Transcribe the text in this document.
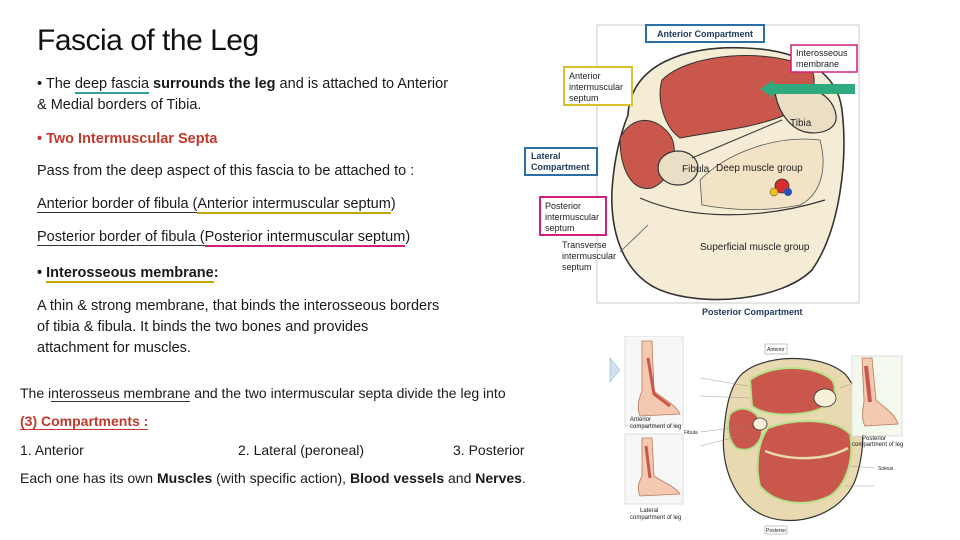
Fascia of the Leg
• The deep fascia surrounds the leg and is attached to Anterior
& Medial borders of Tibia.
• Two Intermuscular Septa
Pass from the deep aspect of this fascia to be attached to :
Anterior border of fibula (Anterior intermuscular septum)
Posterior border of fibula (Posterior intermuscular septum)
• Interosseous membrane:
A thin & strong membrane, that binds the interosseous borders
of tibia & fibula. It binds the two bones and provides
attachment for muscles.
The interosseus membrane and the two intermuscular septa divide the leg into
(3) Compartments :
1. Anterior	2. Lateral (peroneal)	3. Posterior
Each one has its own Muscles (with specific action), Blood vessels and Nerves.
Fibula
Tibia
Deep muscle group
Superficial muscle group
Anterior Compartment
Interosseous
membrane
Anterior
intermuscular
septum
Lateral
Compartment
Posterior
intermuscular
septum
Transverse
intermuscular
septum
Posterior Compartment
Anterior
compartment of leg
Lateral
compartment of leg
Anterior
Posterior
Fibula
Soleus
Posterior
compartment of leg
